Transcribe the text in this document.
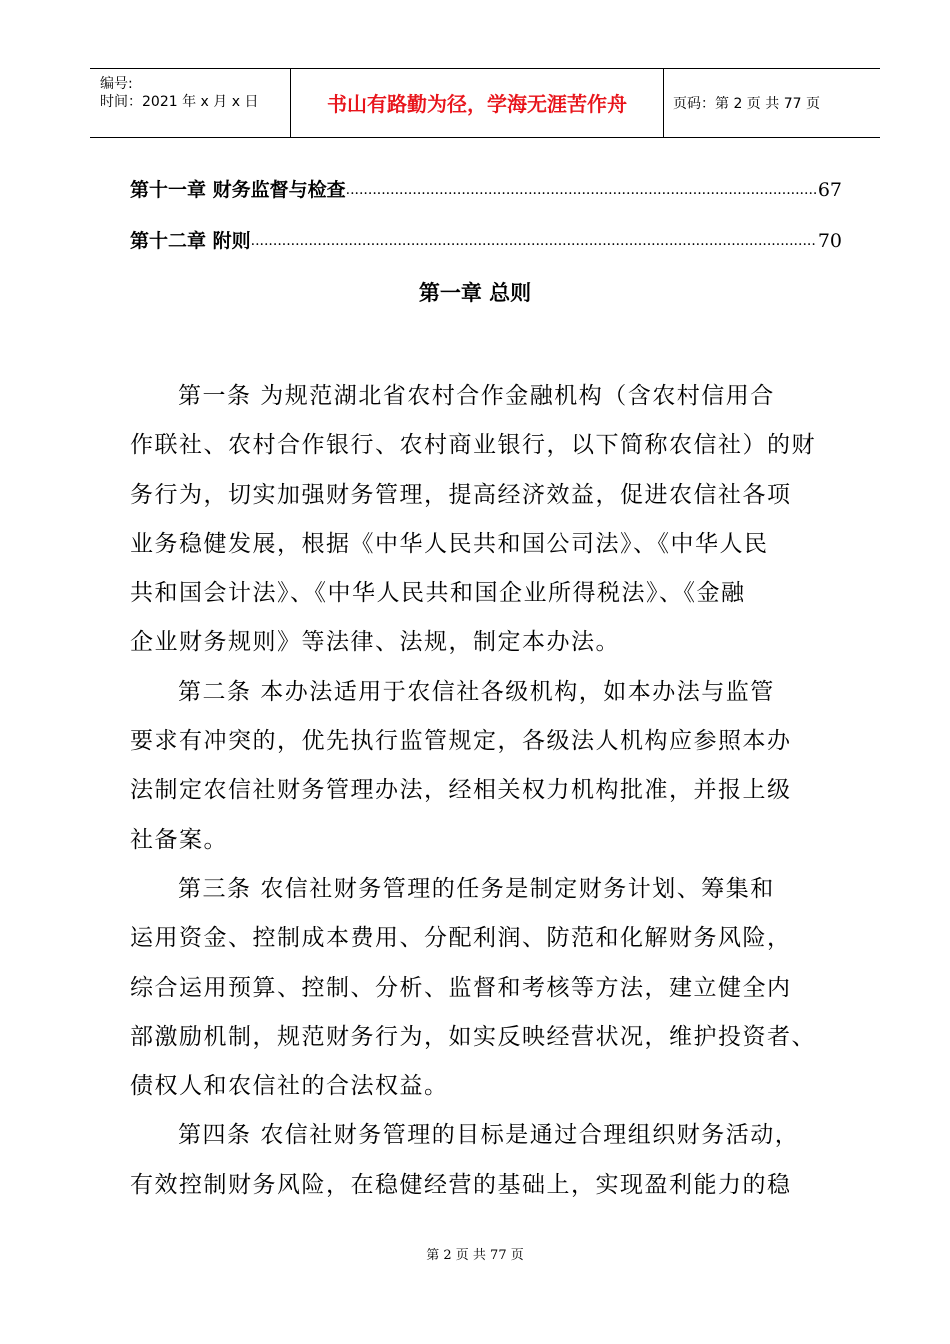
编号:
时间：2021 年 x 月 x 日	书山有路勤为径，学海无涯苦作舟	页码：第 2 页 共 77 页
第十一章 财务监督与检查 .....	67
第十二章 附则 .....	70
第一章 总则
第一条 为规范湖北省农村合作金融机构（含农村信用合
作联社、农村合作银行、农村商业银行，以下简称农信社）的财
务行为，切实加强财务管理，提高经济效益，促进农信社各项
业务稳健发展，根据《中华人民共和国公司法》、《中华人民
共和国会计法》、《中华人民共和国企业所得税法》、《金融
企业财务规则》等法律、法规，制定本办法。
第二条 本办法适用于农信社各级机构，如本办法与监管
要求有冲突的，优先执行监管规定，各级法人机构应参照本办
法制定农信社财务管理办法，经相关权力机构批准，并报上级
社备案。
第三条 农信社财务管理的任务是制定财务计划、筹集和
运用资金、控制成本费用、分配利润、防范和化解财务风险，
综合运用预算、控制、分析、监督和考核等方法，建立健全内
部激励机制，规范财务行为，如实反映经营状况，维护投资者、
债权人和农信社的合法权益。
第四条 农信社财务管理的目标是通过合理组织财务活动，
有效控制财务风险，在稳健经营的基础上，实现盈利能力的稳
第 2 页 共 77 页
